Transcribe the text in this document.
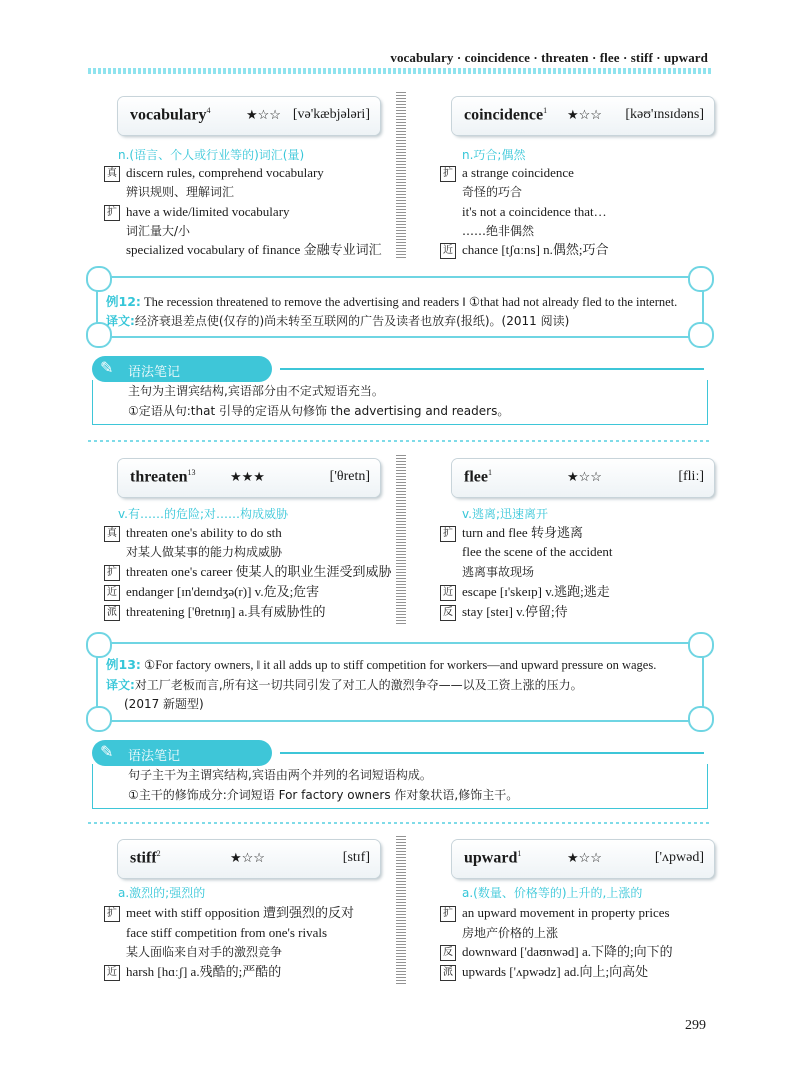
vocabulary · coincidence · threaten · flee · stiff · upward
vocabulary$^4$	★☆☆ [və'kæbjələri]
n.(语言、个人或行业等的)词汇(量)
真 discern rules, comprehend vocabulary
辨识规则、理解词汇
扩 have a wide/limited vocabulary
词汇量大/小
specialized vocabulary of finance 金融专业词汇
coincidence$^1$ ★☆☆ [kəʊ'ɪnsɪdəns]
n.巧合;偶然
扩 a strange coincidence
奇怪的巧合
it's not a coincidence that…
……绝非偶然
近 chance [tʃɑːns] n.偶然;巧合
例12: The recession threatened to remove the advertising and readers ‖ ①that had not already fled to the internet.
译文:经济衰退差点使(仅存的)尚未转至互联网的广告及读者也放弃(报纸)。(2011 阅读)
✎ 语法笔记
主句为主谓宾结构,宾语部分由不定式短语充当。
①定语从句:that 引导的定语从句修饰 the advertising and readers。
threaten$^{13}$	★★★	['θretn]
v.有……的危险;对……构成威胁
真 threaten one's ability to do sth
对某人做某事的能力构成威胁
扩 threaten one's career 使某人的职业生涯受到威胁
近 endanger [ɪn'deɪndʒə(r)] v.危及;危害
派 threatening ['θretnɪŋ] a.具有威胁性的
flee$^1$	★☆☆	[fliː]
v.逃离;迅速离开
扩 turn and flee 转身逃离
flee the scene of the accident
逃离事故现场
近 escape [ɪ'skeɪp] v.逃跑;逃走
反 stay [steɪ] v.停留;待
例13: ①For factory owners, ‖ it all adds up to stiff competition for workers—and upward pressure on wages.
译文:对工厂老板而言,所有这一切共同引发了对工人的激烈争夺——以及工资上涨的压力。
(2017 新题型)
✎ 语法笔记
句子主干为主谓宾结构,宾语由两个并列的名词短语构成。
①主干的修饰成分:介词短语 For factory owners 作对象状语,修饰主干。
stiff$^2$	★☆☆	[stɪf]
a.激烈的;强烈的
扩 meet with stiff opposition 遭到强烈的反对
face stiff competition from one's rivals
某人面临来自对手的激烈竞争
近 harsh [hɑːʃ] a.残酷的;严酷的
upward$^1$	★☆☆	['ʌpwəd]
a.(数量、价格等的)上升的,上涨的
扩 an upward movement in property prices
房地产价格的上涨
反 downward ['daʊnwəd] a.下降的;向下的
派 upwards ['ʌpwədz] ad.向上;向高处
299
